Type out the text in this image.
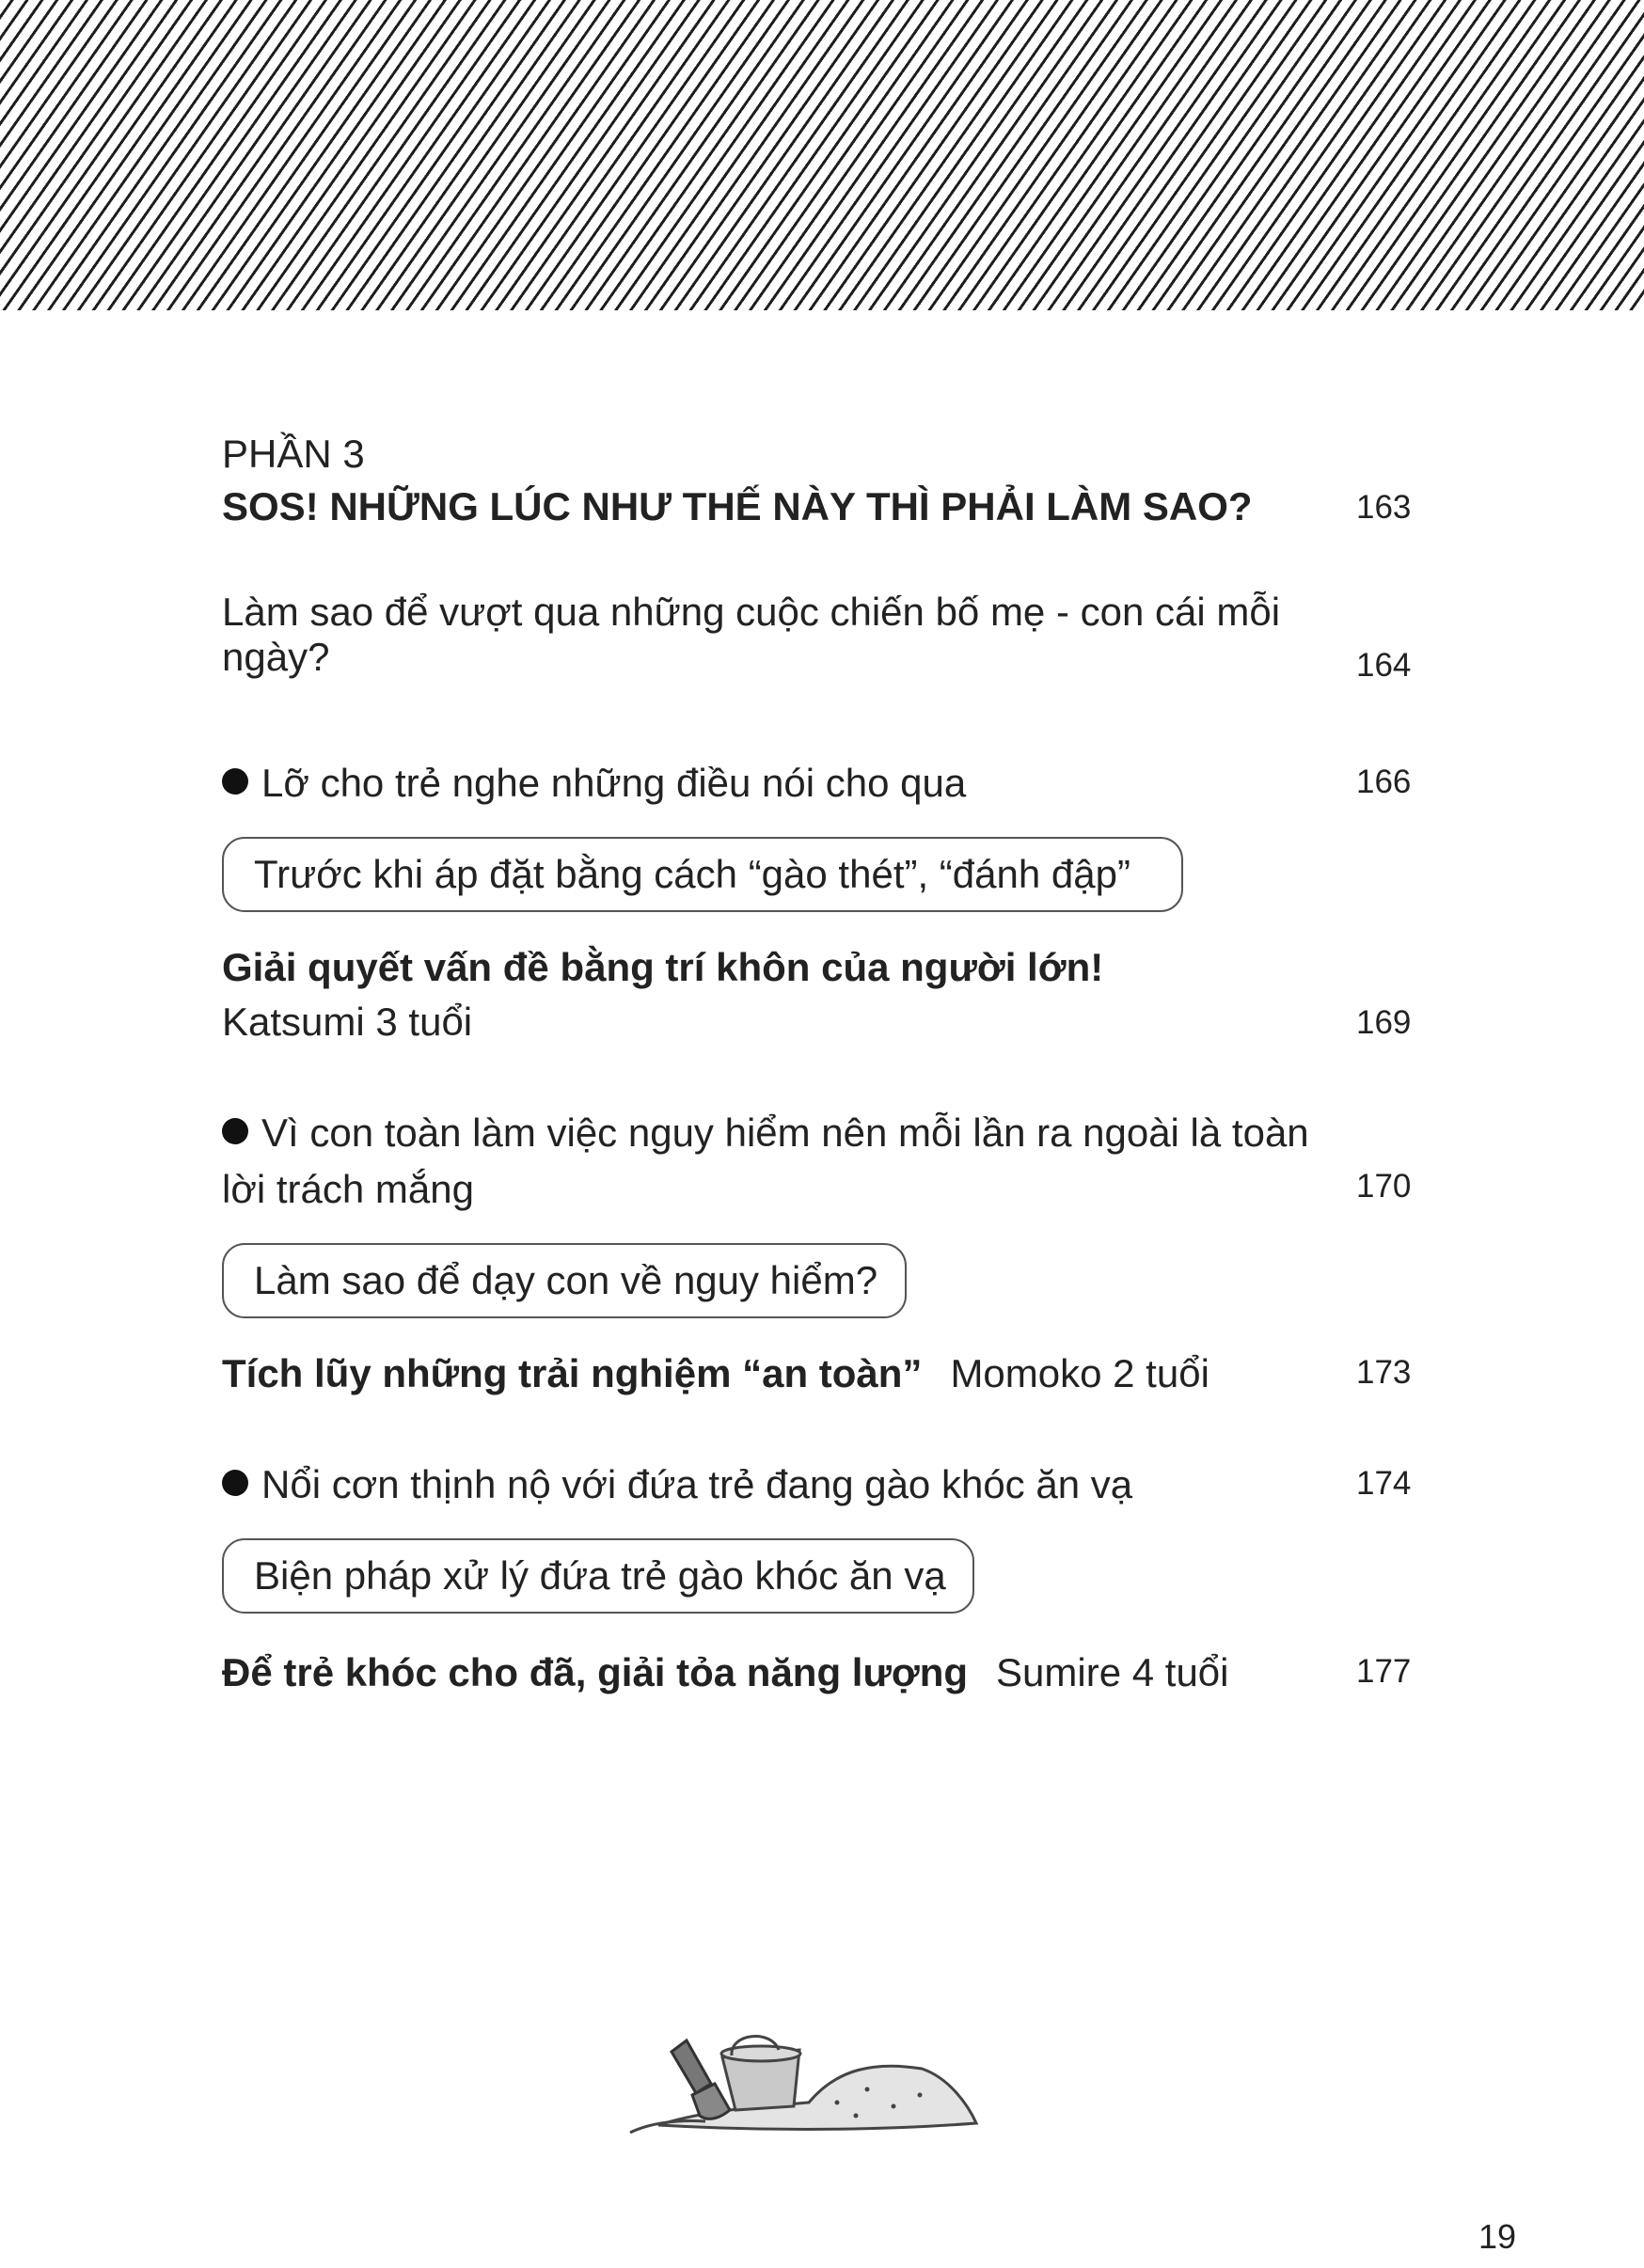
PHẦN 3
SOS! NHỮNG LÚC NHƯ THẾ NÀY THÌ PHẢI LÀM SAO?	163
Làm sao để vượt qua những cuộc chiến bố mẹ - con cái mỗi
ngày?	164
Lỡ cho trẻ nghe những điều nói cho qua	166
Trước khi áp đặt bằng cách “gào thét”, “đánh đập”
Giải quyết vấn đề bằng trí khôn của người lớn!
Katsumi 3 tuổi	169
Vì con toàn làm việc nguy hiểm nên mỗi lần ra ngoài là toàn
lời trách mắng	170
Làm sao để dạy con về nguy hiểm?
Tích lũy những trải nghiệm “an toàn” Momoko 2 tuổi	173
Nổi cơn thịnh nộ với đứa trẻ đang gào khóc ăn vạ	174
Biện pháp xử lý đứa trẻ gào khóc ăn vạ
Để trẻ khóc cho đã, giải tỏa năng lượng Sumire 4 tuổi	177
19
